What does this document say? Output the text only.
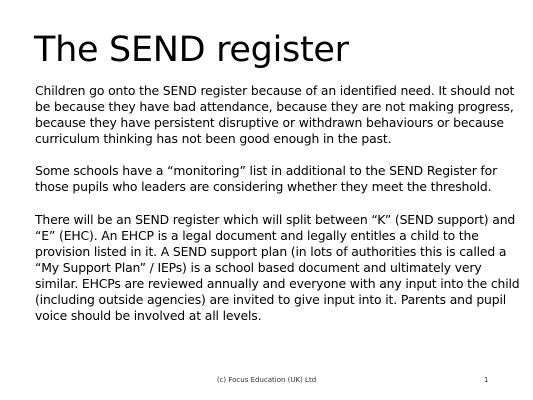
The SEND register

Children go onto the SEND register because of an identified need. It should not be because they have bad attendance, because they are not making progress, because they have persistent disruptive or withdrawn behaviours or because curriculum thinking has not been good enough in the past.

Some schools have a “monitoring” list in additional to the SEND Register for those pupils who leaders are considering whether they meet the threshold.

There will be an SEND register which will split between “K” (SEND support) and “E” (EHC). An EHCP is a legal document and legally entitles a child to the provision listed in it. A SEND support plan (in lots of authorities this is called a “My Support Plan” / IEPs) is a school based document and ultimately very similar. EHCPs are reviewed annually and everyone with any input into the child (including outside agencies) are invited to give input into it. Parents and pupil voice should be involved at all levels.

(c) Focus Education (UK) Ltd	1
